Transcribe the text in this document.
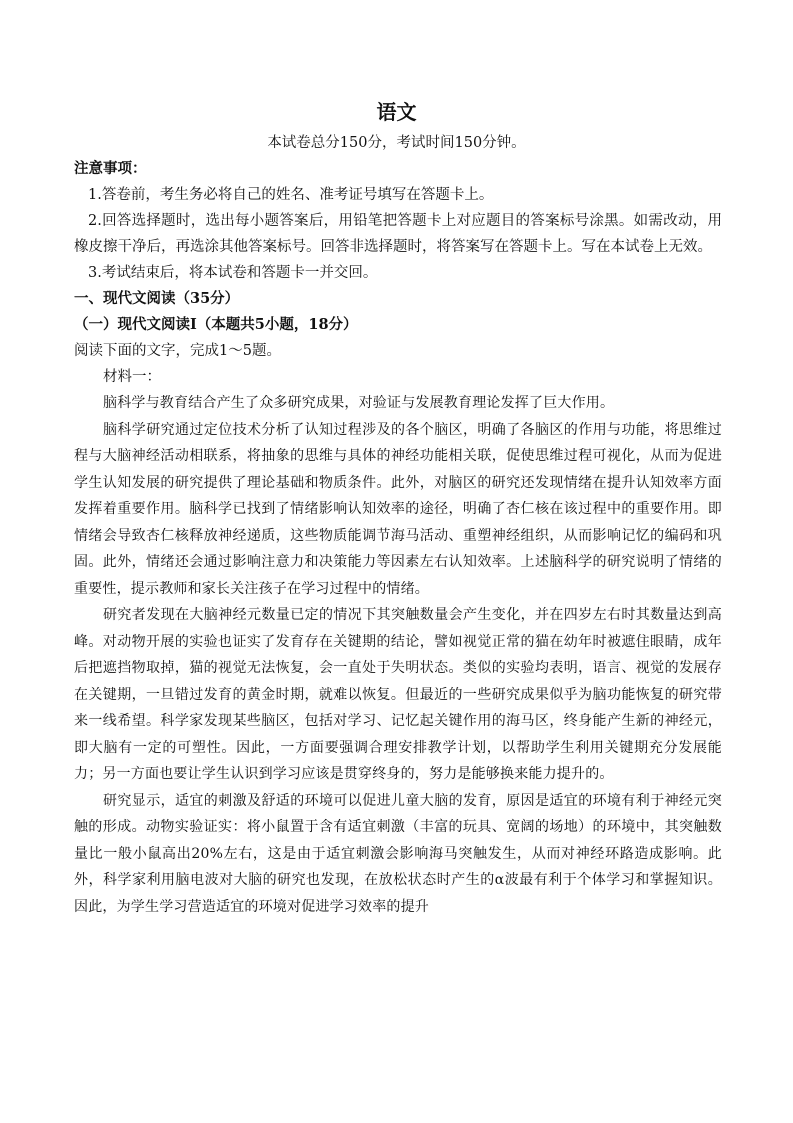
语文
本试卷总分150分，考试时间150分钟。

注意事项：

1.答卷前，考生务必将自己的姓名、准考证号填写在答题卡上。

2.回答选择题时，选出每小题答案后，用铅笔把答题卡上对应题目的答案标号涂黑。如需改动，用橡皮擦干净后，再选涂其他答案标号。回答非选择题时，将答案写在答题卡上。写在本试卷上无效。

3.考试结束后，将本试卷和答题卡一并交回。

一、现代文阅读（35分）

（一）现代文阅读Ⅰ（本题共5小题，18分）

阅读下面的文字，完成1～5题。

材料一：

脑科学与教育结合产生了众多研究成果，对验证与发展教育理论发挥了巨大作用。

脑科学研究通过定位技术分析了认知过程涉及的各个脑区，明确了各脑区的作用与功能，将思维过程与大脑神经活动相联系，将抽象的思维与具体的神经功能相关联，促使思维过程可视化，从而为促进学生认知发展的研究提供了理论基础和物质条件。此外，对脑区的研究还发现情绪在提升认知效率方面发挥着重要作用。脑科学已找到了情绪影响认知效率的途径，明确了杏仁核在该过程中的重要作用。即情绪会导致杏仁核释放神经递质，这些物质能调节海马活动、重塑神经组织，从而影响记忆的编码和巩固。此外，情绪还会通过影响注意力和决策能力等因素左右认知效率。上述脑科学的研究说明了情绪的重要性，提示教师和家长关注孩子在学习过程中的情绪。

研究者发现在大脑神经元数量已定的情况下其突触数量会产生变化，并在四岁左右时其数量达到高峰。对动物开展的实验也证实了发育存在关键期的结论，譬如视觉正常的猫在幼年时被遮住眼睛，成年后把遮挡物取掉，猫的视觉无法恢复，会一直处于失明状态。类似的实验均表明，语言、视觉的发展存在关键期，一旦错过发育的黄金时期，就难以恢复。但最近的一些研究成果似乎为脑功能恢复的研究带来一线希望。科学家发现某些脑区，包括对学习、记忆起关键作用的海马区，终身能产生新的神经元，即大脑有一定的可塑性。因此，一方面要强调合理安排教学计划，以帮助学生利用关键期充分发展能力；另一方面也要让学生认识到学习应该是贯穿终身的，努力是能够换来能力提升的。

研究显示，适宜的刺激及舒适的环境可以促进儿童大脑的发育，原因是适宜的环境有利于神经元突触的形成。动物实验证实：将小鼠置于含有适宜刺激（丰富的玩具、宽阔的场地）的环境中，其突触数量比一般小鼠高出20%左右，这是由于适宜刺激会影响海马突触发生，从而对神经环路造成影响。此外，科学家利用脑电波对大脑的研究也发现，在放松状态时产生的α波最有利于个体学习和掌握知识。因此，为学生学习营造适宜的环境对促进学习效率的提升
